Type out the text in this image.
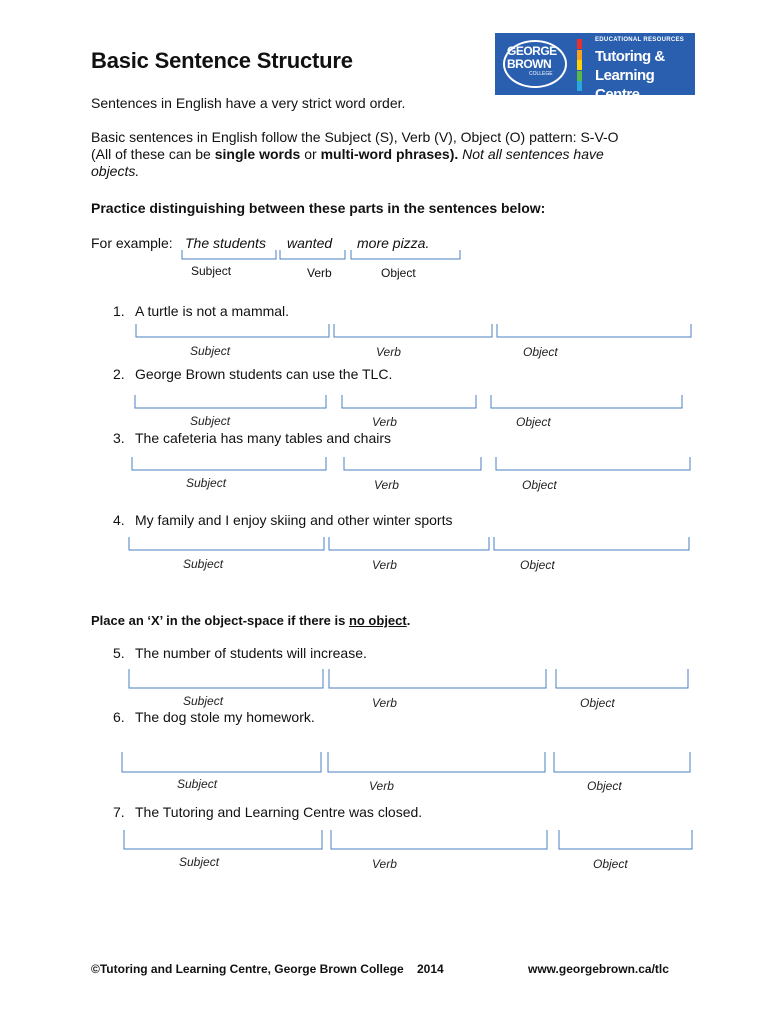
Basic Sentence Structure	GEORGE
BROWN
COLLEGE
EDUCATIONAL RESOURCES
Tutoring &
Learning Centre
Sentences in English have a very strict word order.
Basic sentences in English follow the Subject (S), Verb (V), Object (O) pattern: S-V-O
(All of these can be single words or multi-word phrases). Not all sentences have
objects.
Practice distinguishing between these parts in the sentences below:
For example: The students wanted more pizza.
Subject	Verb	Object
1. A turtle is not a mammal.
2. George Brown students can use the TLC.
3. The cafeteria has many tables and chairs
4. My family and I enjoy skiing and other winter sports
Subject	Verb	Object
Subject	Verb	Object
Subject	Verb	Object
Subject	Verb	Object
Place an ‘X’ in the object-space if there is no object.
5. The number of students will increase.
6. The dog stole my homework.
7. The Tutoring and Learning Centre was closed.
Subject	Verb	Object
Subject	Verb	Object
Subject	Verb	Object
©Tutoring and Learning Centre, George Brown College    2014	www.georgebrown.ca/tlc
